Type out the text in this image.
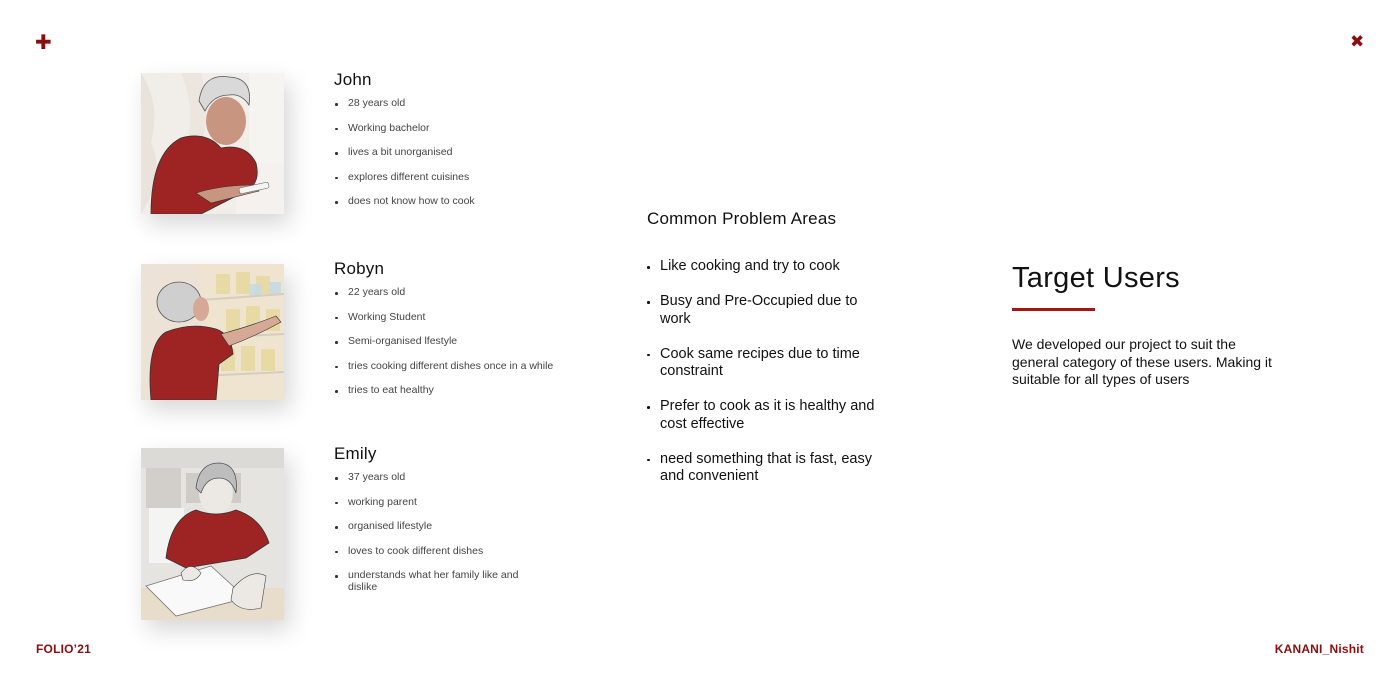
✚	✖
John
28 years old
Working bachelor
lives a bit unorganised
explores different cuisines
does not know how to cook
Robyn
22 years old
Working Student
Semi-organised lfestyle
tries cooking different dishes once in a while
tries to eat healthy
Emily
37 years old
working parent
organised lifestyle
loves to cook different dishes
understands what her family like and dislike
Common Problem Areas
Like cooking and try to cook
Busy and Pre-Occupied due to work
Cook same recipes due to time constraint
Prefer to cook as it is healthy and cost effective
need something that is fast, easy and convenient
Target Users
We developed our project to suit the general category of these users. Making it suitable for all types of users
FOLIO’21	KANANI_Nishit
